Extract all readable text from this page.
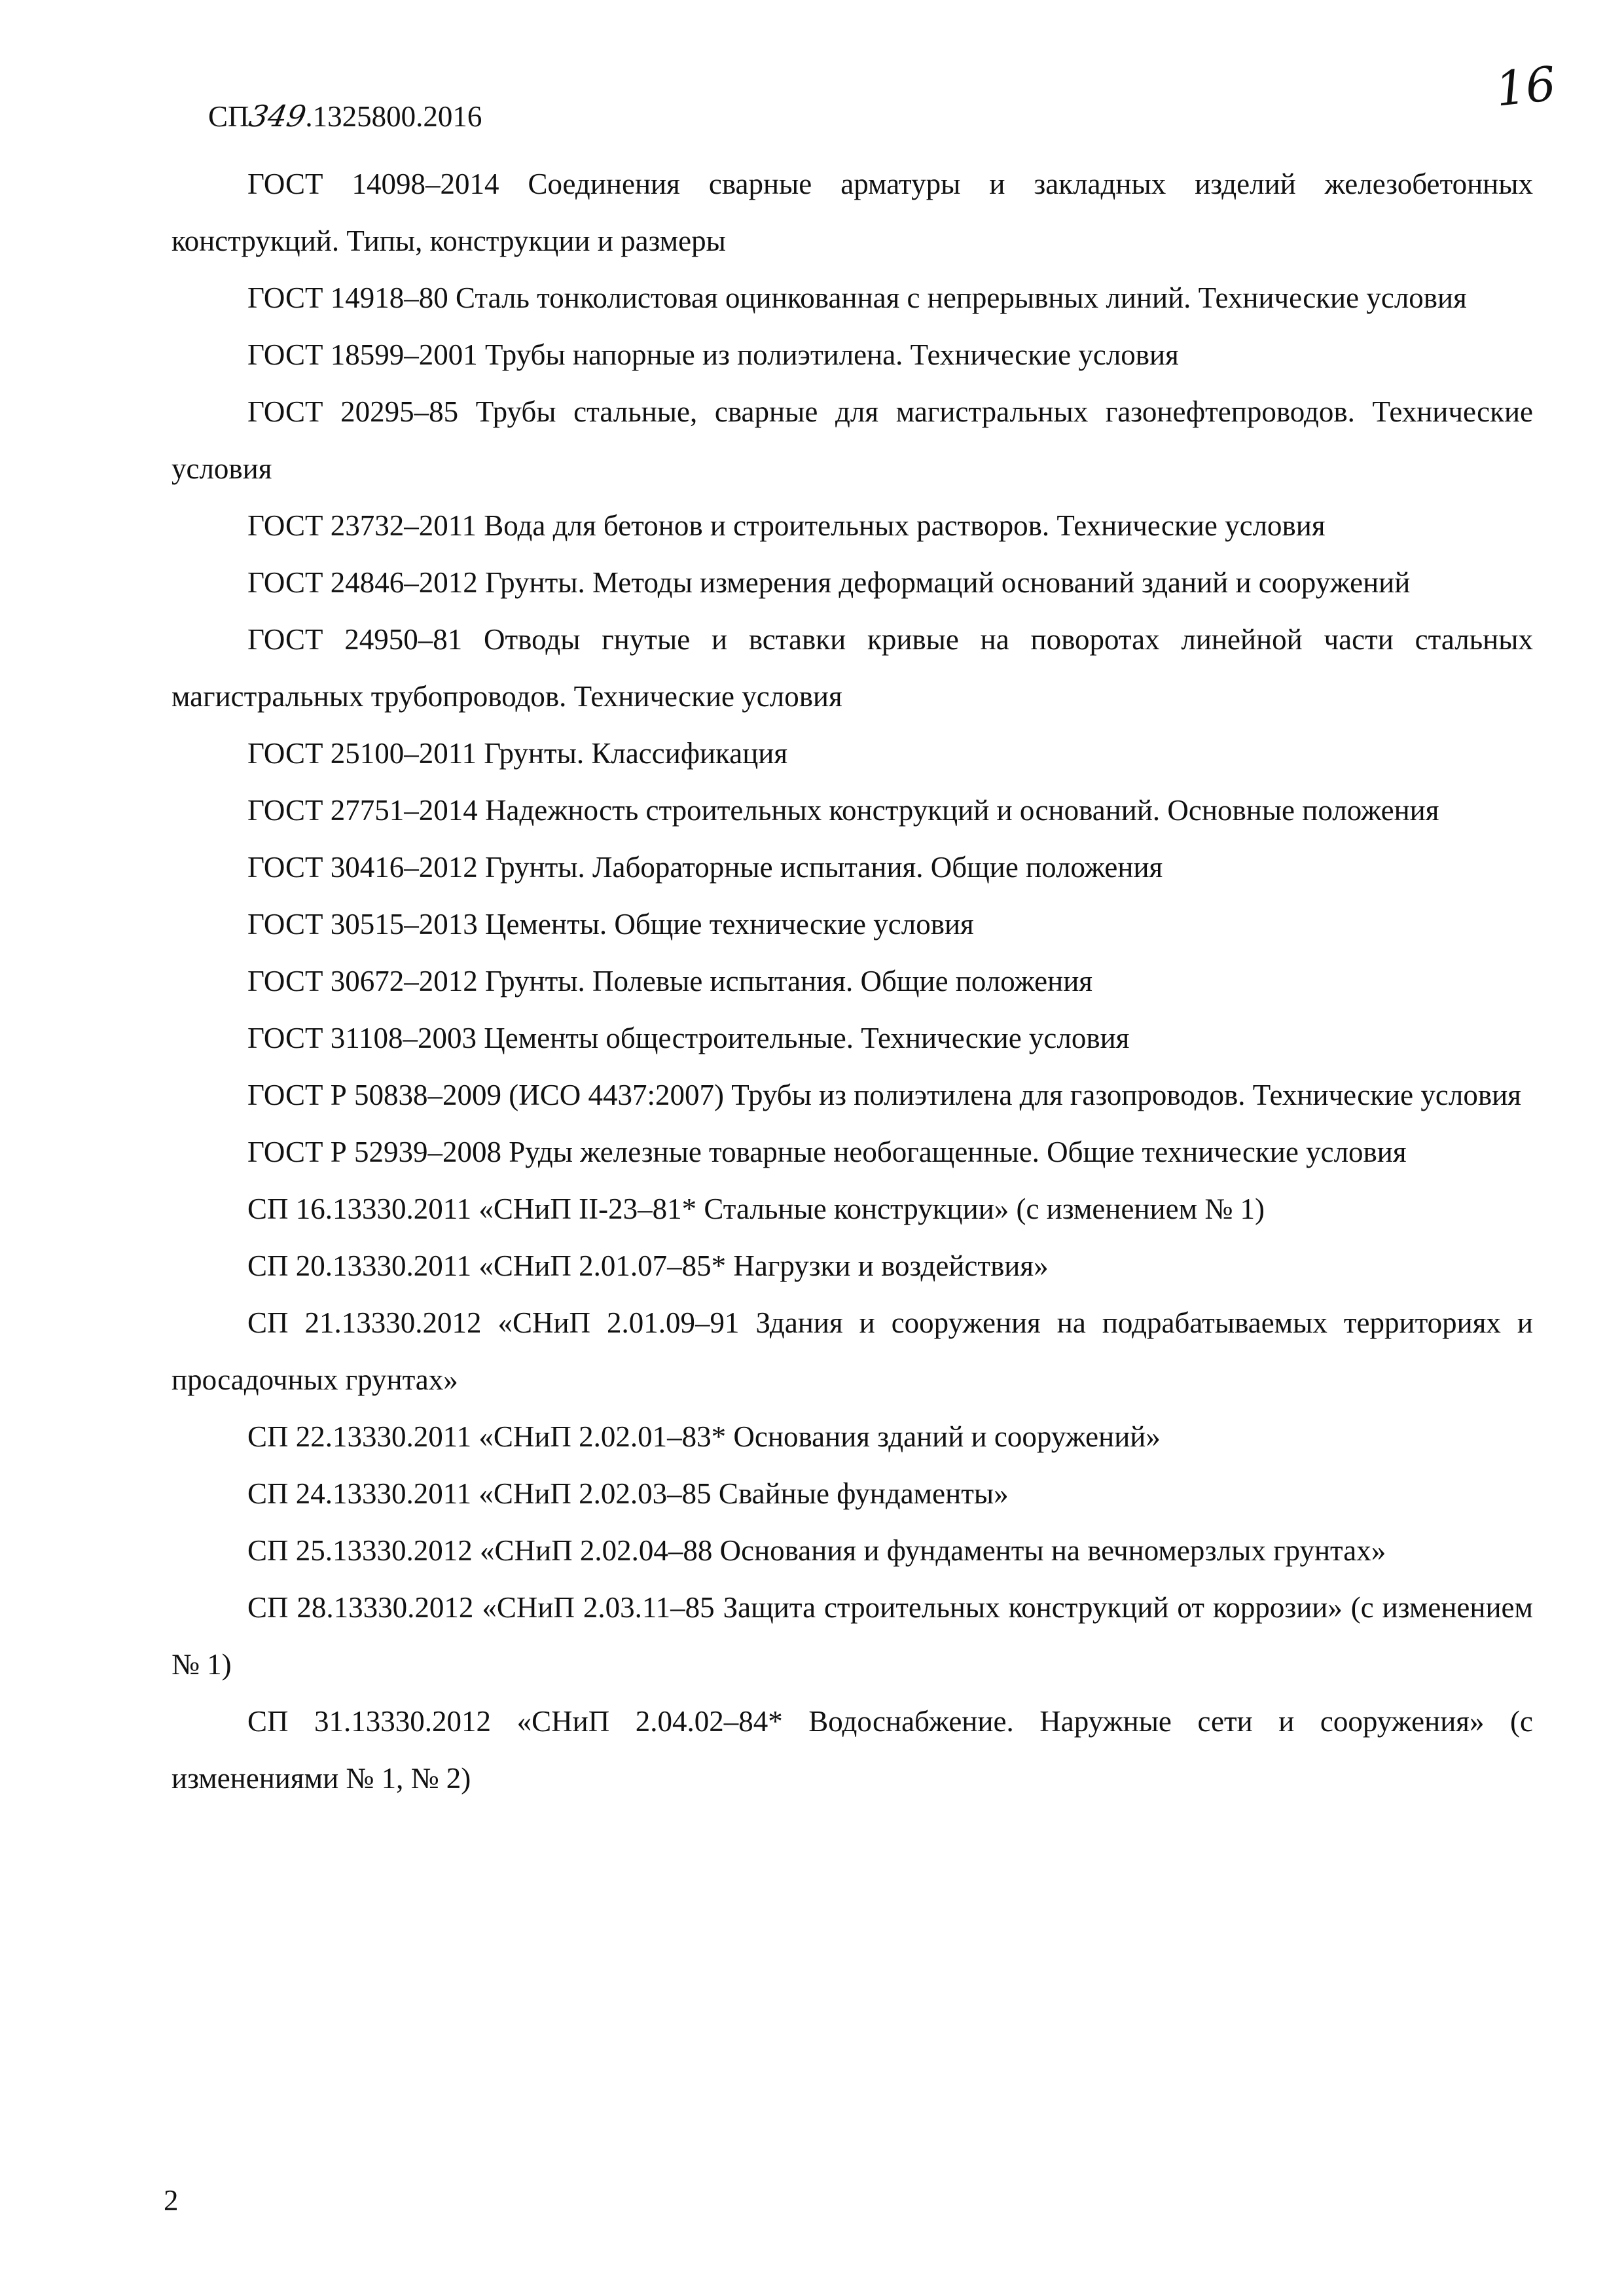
СП349.1325800.2016	16

ГОСТ 14098–2014 Соединения сварные арматуры и закладных изделий железобетонных конструкций. Типы, конструкции и размеры

ГОСТ 14918–80 Сталь тонколистовая оцинкованная с непрерывных линий. Технические условия

ГОСТ 18599–2001 Трубы напорные из полиэтилена. Технические условия

ГОСТ 20295–85 Трубы стальные, сварные для магистральных газонефтепроводов. Технические условия

ГОСТ 23732–2011 Вода для бетонов и строительных растворов. Технические условия

ГОСТ 24846–2012 Грунты. Методы измерения деформаций оснований зданий и сооружений

ГОСТ 24950–81 Отводы гнутые и вставки кривые на поворотах линейной части стальных магистральных трубопроводов. Технические условия

ГОСТ 25100–2011 Грунты. Классификация

ГОСТ 27751–2014 Надежность строительных конструкций и оснований. Основные положения

ГОСТ 30416–2012 Грунты. Лабораторные испытания. Общие положения

ГОСТ 30515–2013 Цементы. Общие технические условия

ГОСТ 30672–2012 Грунты. Полевые испытания. Общие положения

ГОСТ 31108–2003 Цементы общестроительные. Технические условия

ГОСТ Р 50838–2009 (ИСО 4437:2007) Трубы из полиэтилена для газопроводов. Технические условия

ГОСТ Р 52939–2008 Руды железные товарные необогащенные. Общие технические условия

СП 16.13330.2011 «СНиП II-23–81* Стальные конструкции» (с изменением № 1)

СП 20.13330.2011 «СНиП 2.01.07–85* Нагрузки и воздействия»

СП 21.13330.2012 «СНиП 2.01.09–91 Здания и сооружения на подрабатываемых территориях и просадочных грунтах»

СП 22.13330.2011 «СНиП 2.02.01–83* Основания зданий и сооружений»

СП 24.13330.2011 «СНиП 2.02.03–85 Свайные фундаменты»

СП 25.13330.2012 «СНиП 2.02.04–88 Основания и фундаменты на вечномерзлых грунтах»

СП 28.13330.2012 «СНиП 2.03.11–85 Защита строительных конструкций от коррозии» (с изменением № 1)

СП 31.13330.2012 «СНиП 2.04.02–84* Водоснабжение. Наружные сети и сооружения» (с изменениями № 1, № 2)

2
